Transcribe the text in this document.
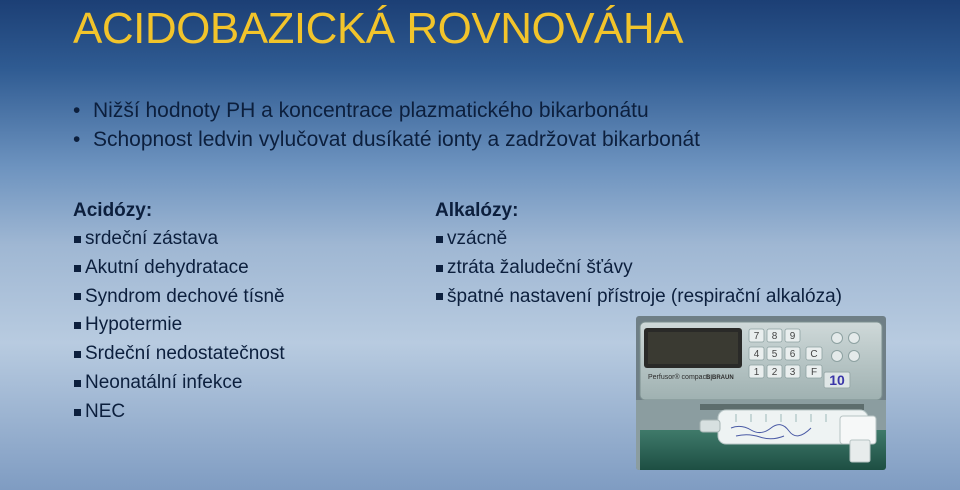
ACIDOBAZICKÁ ROVNOVÁHA
• Nižší hodnoty PH a koncentrace plazmatického bikarbonátu
• Schopnost ledvin vylučovat dusíkaté ionty a zadržovat bikarbonát
Acidózy:
srdeční zástava
Akutní dehydratace
Syndrom dechové tísně
Hypotermie
Srdeční nedostatečnost
Neonatální infekce
NEC
Alkalózy:
vzácně
ztráta žaludeční šťávy
špatné nastavení přístroje (respirační alkalóza)
7 8 9
4 5 6
1 2 3
C
F
Perfusor® compact
B|BRAUN	10
